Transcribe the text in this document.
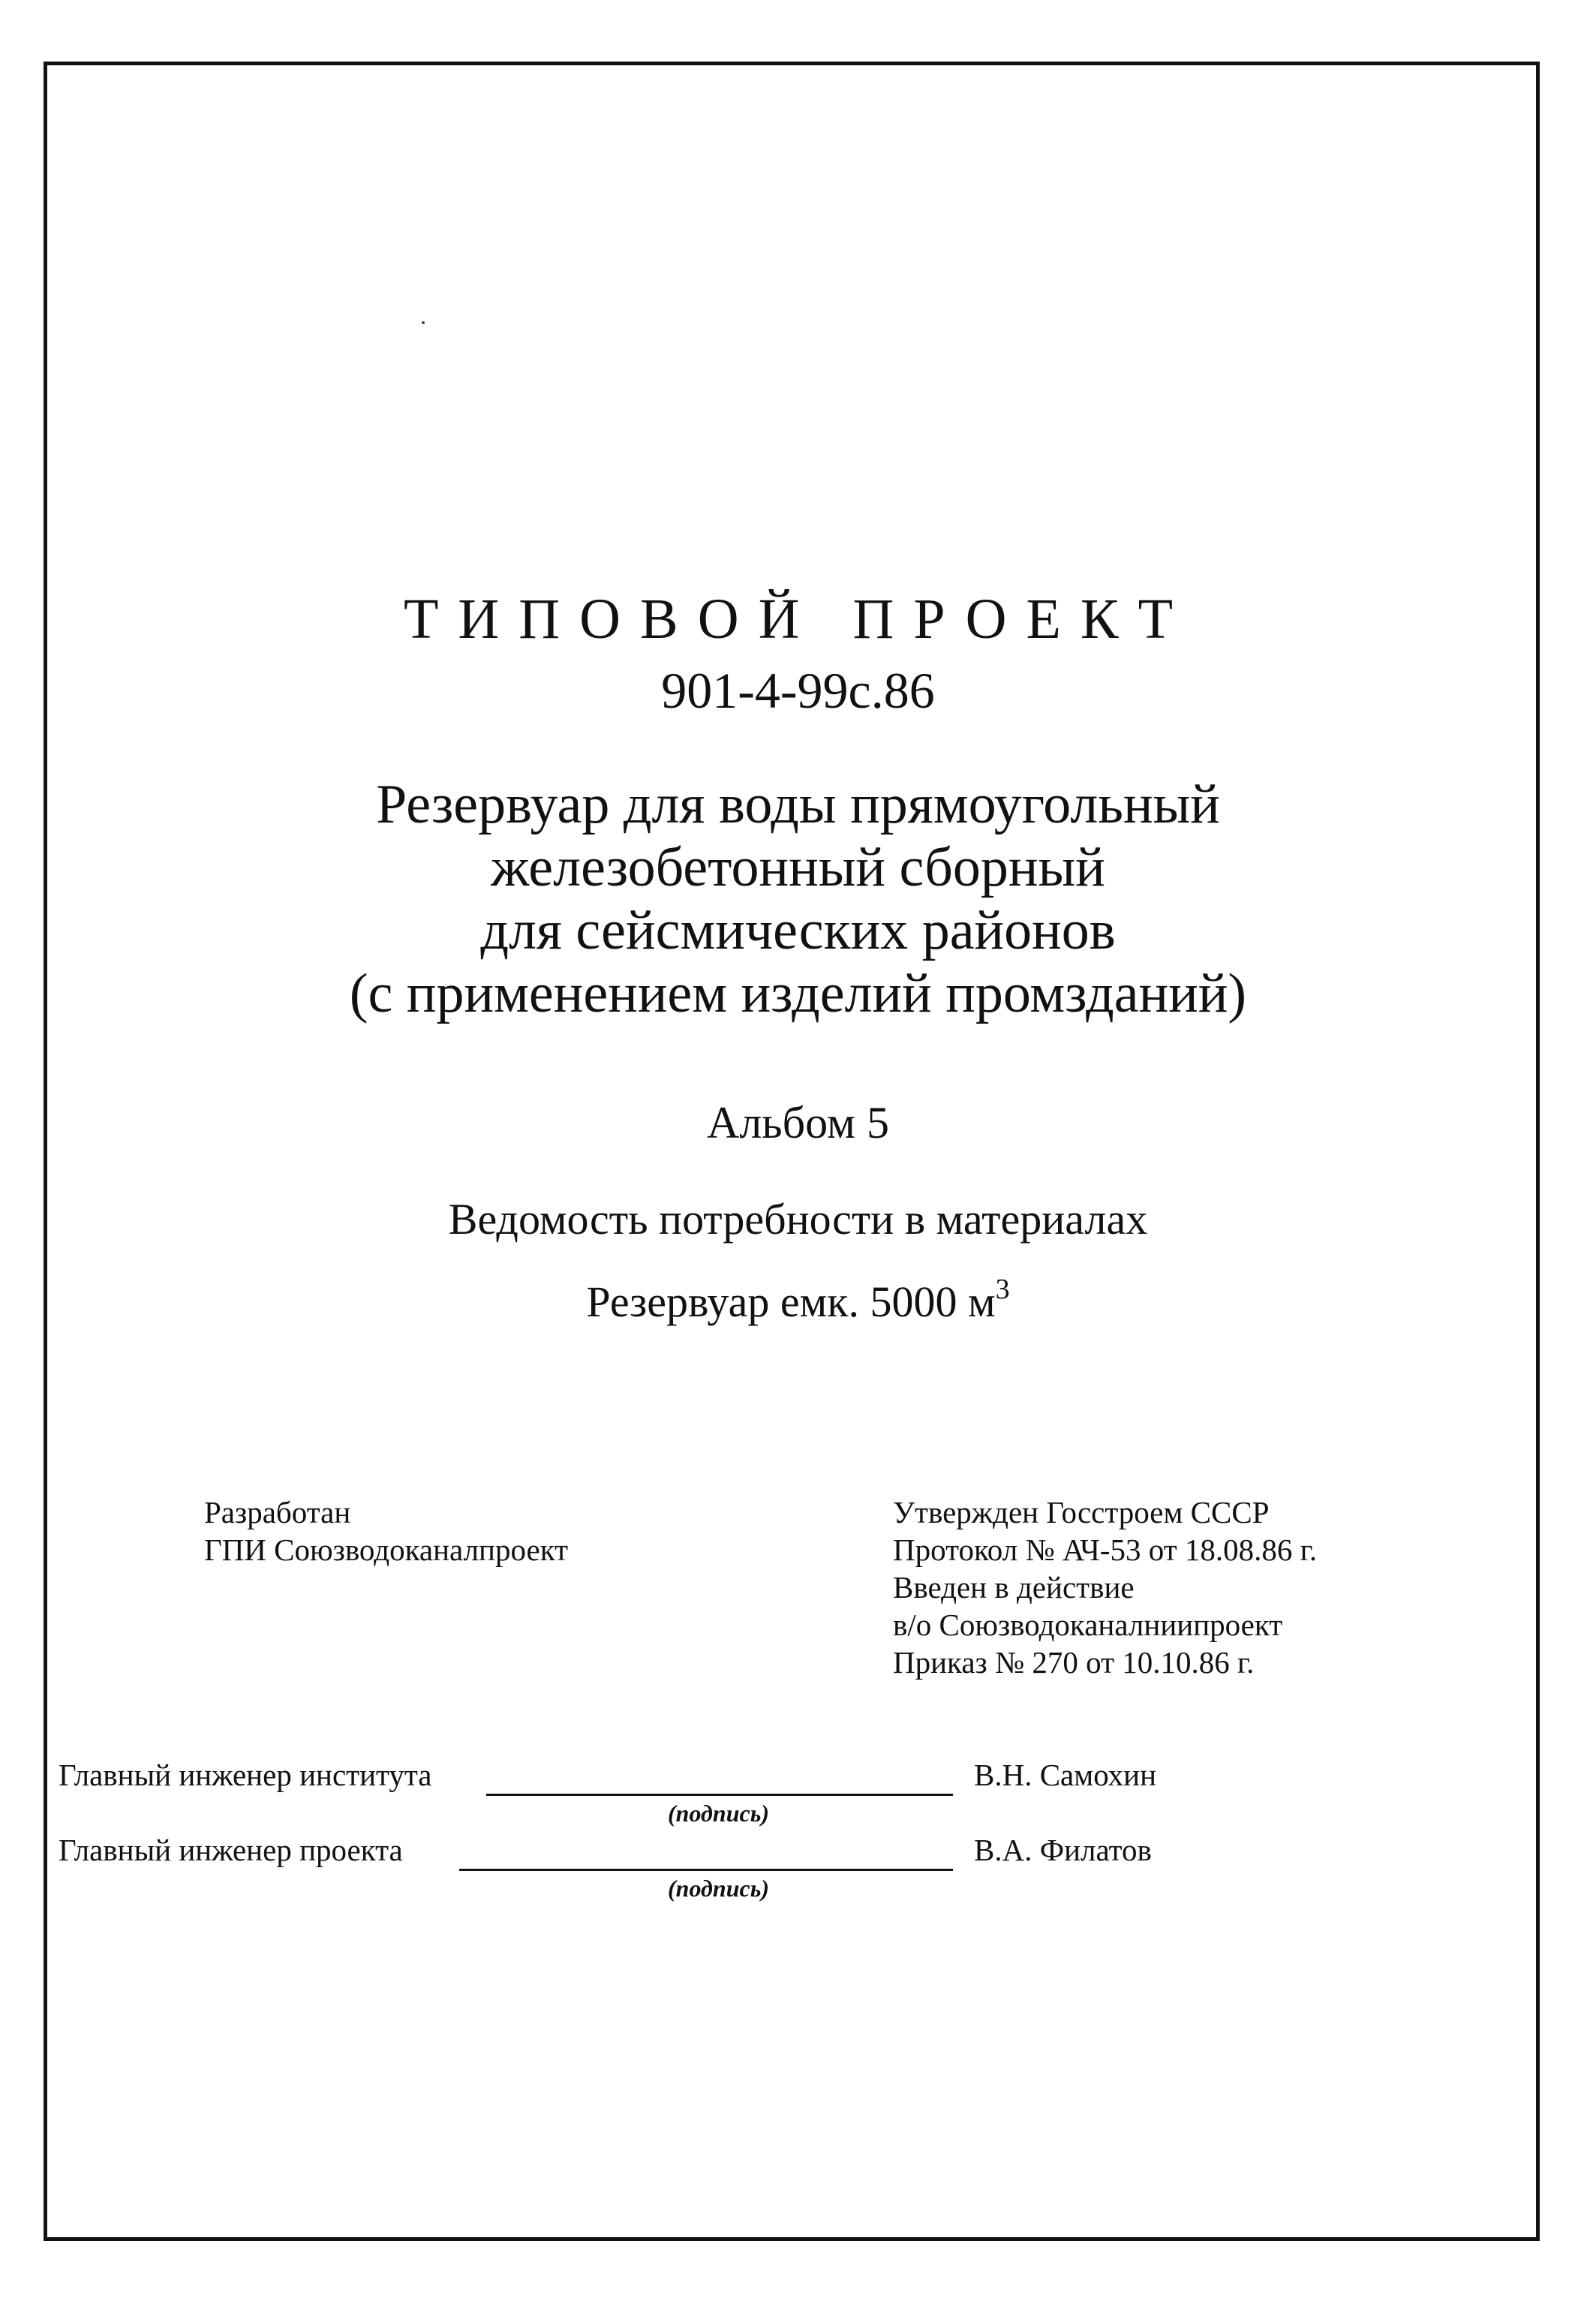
ТИПОВОЙ ПРОЕКТ
901-4-99с.86
Резервуар для воды прямоугольный
железобетонный сборный
для сейсмических районов
(с применением изделий промзданий)
Альбом 5
Ведомость потребности в материалах
Резервуар емк. 5000 $м^3$
Разработан
ГПИ Союзводоканалпроект
Утвержден Госстроем СССР
Протокол № АЧ-53 от 18.08.86 г.
Введен в действие
в/о Союзводоканалниипроект
Приказ № 270 от 10.10.86 г.
Главный инженер института
(подпись)
В.Н. Самохин
Главный инженер проекта
(подпись)
В.А. Филатов
